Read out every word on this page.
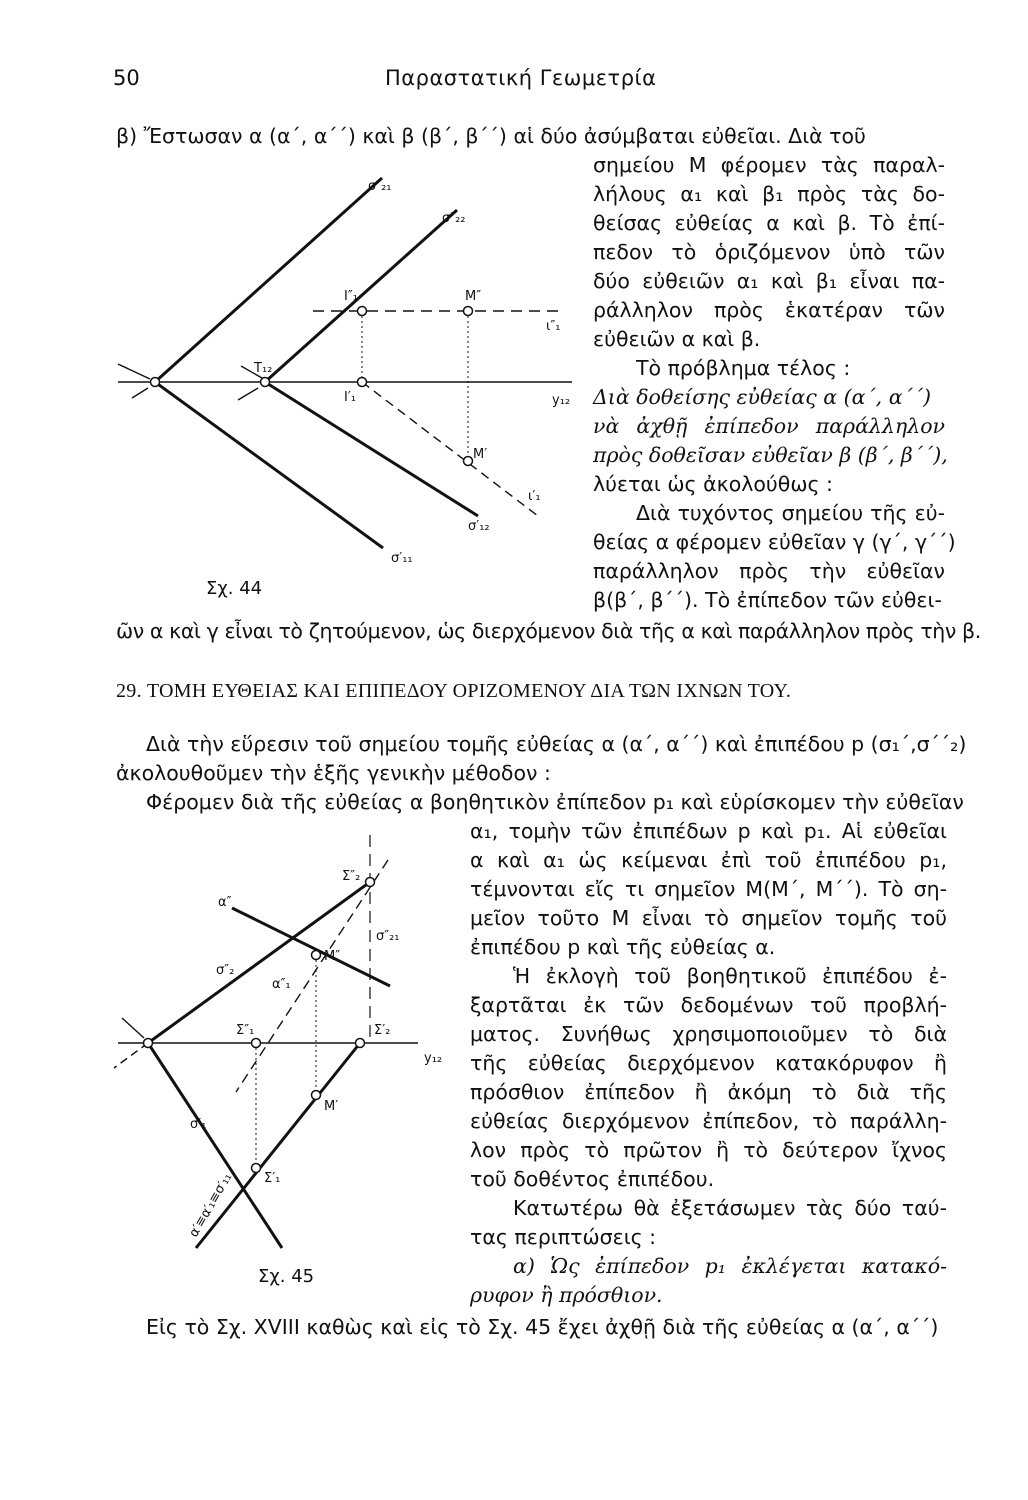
50	Παραστατική Γεωμετρία
β) Ἔστωσαν α (α΄, α΄΄) καὶ β (β΄, β΄΄) αἱ δύο ἀσύμβαται εὐθεῖαι. Διὰ τοῦ
σημείου M φέρομεν τὰς παραλ-
λήλους α₁ καὶ β₁ πρὸς τὰς δο-
θείσας εὐθείας α καὶ β. Τὸ ἐπί-
πεδον τὸ ὁριζόμενον ὑπὸ τῶν
δύο εὐθειῶν α₁ καὶ β₁ εἶναι πα-
ράλληλον πρὸς ἑκατέραν τῶν
εὐθειῶν α καὶ β.
Τὸ πρόβλημα τέλος :
Διὰ δοθείσης εὐθείας α (α΄, α΄΄)
νὰ ἀχθῇ ἐπίπεδον παράλληλον
πρὸς δοθεῖσαν εὐθεῖαν β (β΄, β΄΄),
λύεται ὡς ἀκολούθως :
Διὰ τυχόντος σημείου τῆς εὐ-
θείας α φέρομεν εὐθεῖαν γ (γ΄, γ΄΄)
παράλληλον πρὸς τὴν εὐθεῖαν
β(β΄, β΄΄). Τὸ ἐπίπεδον τῶν εὐθει-
ῶν α καὶ γ εἶναι τὸ ζητούμενον, ὡς διερχόμενον διὰ τῆς α καὶ παράλληλον πρὸς τὴν β.
σ″₂₁
σ″₂₂
I″₁	M″
ι″₁
T₁₂
I′₁	y₁₂
M′
ι′₁
σ′₁₂
σ′₁₁
Σχ. 44
29. ΤΟΜΗ ΕΥΘΕΙΑΣ ΚΑΙ ΕΠΙΠΕΔΟΥ ΟΡΙΖΟΜΕΝΟΥ ΔΙΑ ΤΩΝ ΙΧΝΩΝ ΤΟΥ.
Διὰ τὴν εὕρεσιν τοῦ σημείου τομῆς εὐθείας α (α΄, α΄΄) καὶ ἐπιπέδου p (σ₁΄,σ΄΄₂)
ἀκολουθοῦμεν τὴν ἑξῆς γενικὴν μέθοδον :
Φέρομεν διὰ τῆς εὐθείας α βοηθητικὸν ἐπίπεδον p₁ καὶ εὑρίσκομεν τὴν εὐθεῖαν
α₁, τομὴν τῶν ἐπιπέδων p καὶ p₁. Αἱ εὐθεῖαι
α καὶ α₁ ὡς κείμεναι ἐπὶ τοῦ ἐπιπέδου p₁,
τέμνονται εἴς τι σημεῖον M(M΄, M΄΄). Τὸ ση-
μεῖον τοῦτο M εἶναι τὸ σημεῖον τομῆς τοῦ
ἐπιπέδου p καὶ τῆς εὐθείας α.
Ἡ ἐκλογὴ τοῦ βοηθητικοῦ ἐπιπέδου ἐ-
ξαρτᾶται ἐκ τῶν δεδομένων τοῦ προβλή-
ματος. Συνήθως χρησιμοποιοῦμεν τὸ διὰ
τῆς εὐθείας διερχόμενον κατακόρυφον ἢ
πρόσθιον ἐπίπεδον ἢ ἀκόμη τὸ διὰ τῆς
εὐθείας διερχόμενον ἐπίπεδον, τὸ παράλλη-
λον πρὸς τὸ πρῶτον ἢ τὸ δεύτερον ἴχνος
τοῦ δοθέντος ἐπιπέδου.
Κατωτέρω θὰ ἐξετάσωμεν τὰς δύο ταύ-
τας περιπτώσεις :
α) Ὡς ἐπίπεδον p₁ ἐκλέγεται κατακό-
ρυφον ἢ πρόσθιον.
Εἰς τὸ Σχ. XVIII καθὼς καὶ εἰς τὸ Σχ. 45 ἔχει ἀχθῇ διὰ τῆς εὐθείας α (α΄, α΄΄)
Σ″₂
α″
σ″₂₁
M″
σ″₂
α″₁
Σ″₁	Σ′₂
y₁₂
M′
σ′₁
Σ′₁
α′≡α′₁≡σ′₁₁
Σχ. 45
